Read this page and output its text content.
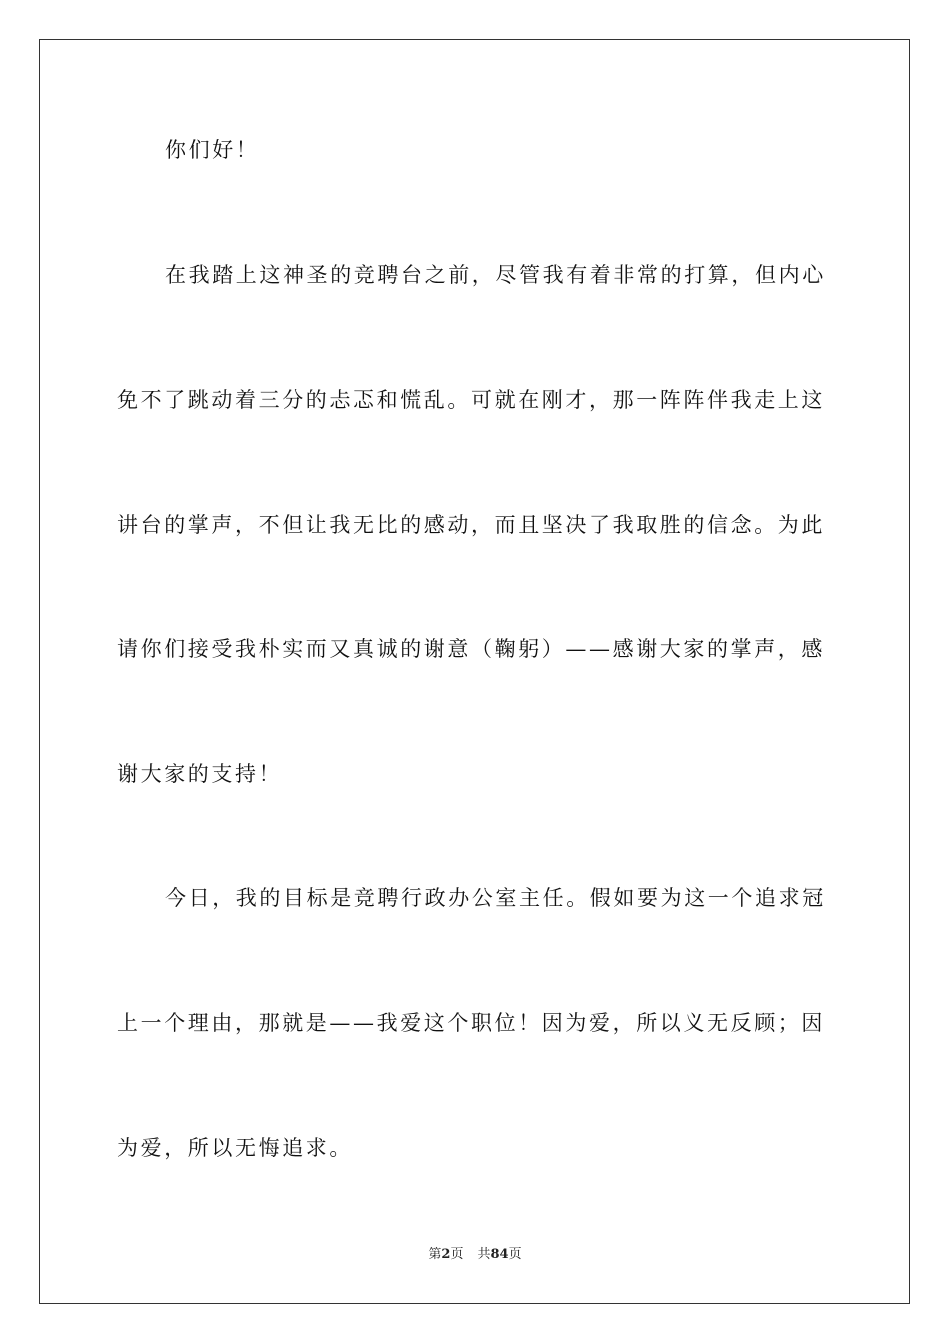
你们好！
在我踏上这神圣的竞聘台之前，尽管我有着非常的打算，但内心
免不了跳动着三分的忐忑和慌乱。可就在刚才，那一阵阵伴我走上这
讲台的掌声，不但让我无比的感动，而且坚决了我取胜的信念。为此
请你们接受我朴实而又真诚的谢意（鞠躬）——感谢大家的掌声，感
谢大家的支持！
今日，我的目标是竞聘行政办公室主任。假如要为这一个追求冠
上一个理由，那就是——我爱这个职位！因为爱，所以义无反顾；因
为爱，所以无悔追求。
第2页 共84页
